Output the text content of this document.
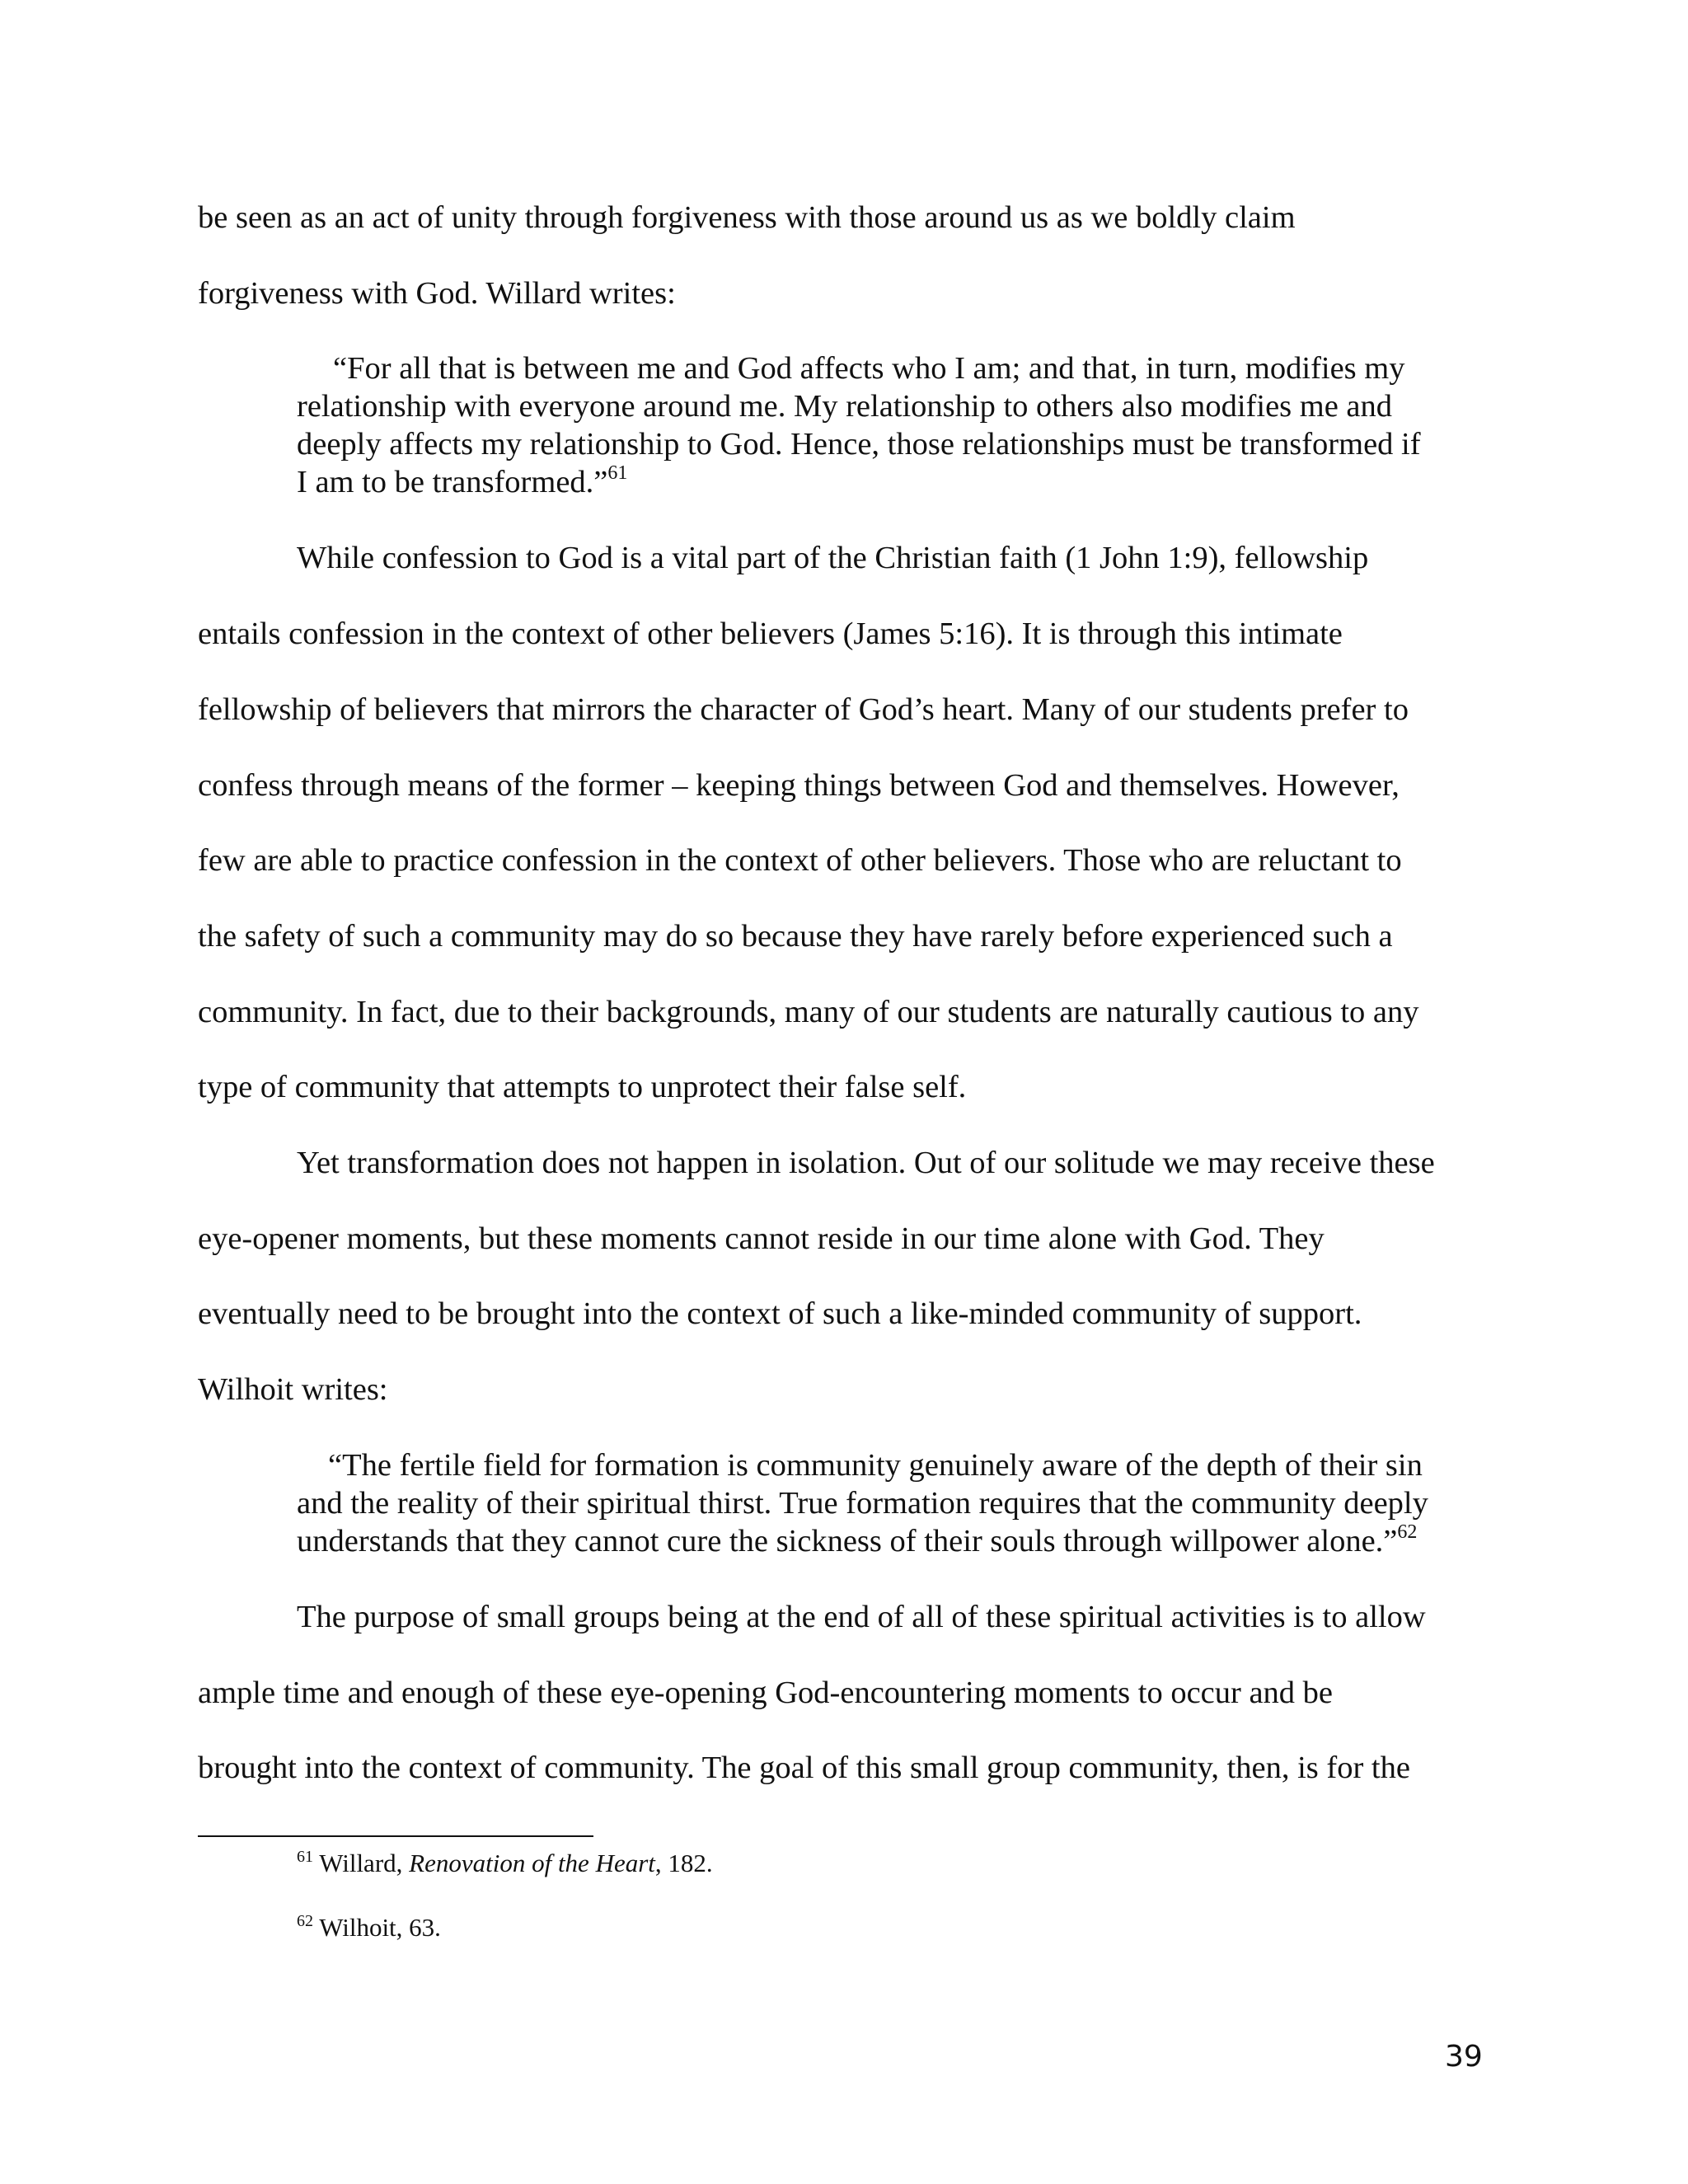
be seen as an act of unity through forgiveness with those around us as we boldly claim
forgiveness with God. Willard writes:
“For all that is between me and God affects who I am; and that, in turn, modifies my
relationship with everyone around me. My relationship to others also modifies me and
deeply affects my relationship to God. Hence, those relationships must be transformed if
I am to be transformed.”$^{61}$
While confession to God is a vital part of the Christian faith (1 John 1:9), fellowship
entails confession in the context of other believers (James 5:16). It is through this intimate
fellowship of believers that mirrors the character of God’s heart. Many of our students prefer to
confess through means of the former – keeping things between God and themselves. However,
few are able to practice confession in the context of other believers. Those who are reluctant to
the safety of such a community may do so because they have rarely before experienced such a
community. In fact, due to their backgrounds, many of our students are naturally cautious to any
type of community that attempts to unprotect their false self.
Yet transformation does not happen in isolation. Out of our solitude we may receive these
eye-opener moments, but these moments cannot reside in our time alone with God. They
eventually need to be brought into the context of such a like-minded community of support.
Wilhoit writes:
“The fertile field for formation is community genuinely aware of the depth of their sin
and the reality of their spiritual thirst. True formation requires that the community deeply
understands that they cannot cure the sickness of their souls through willpower alone.”$^{62}$
The purpose of small groups being at the end of all of these spiritual activities is to allow
ample time and enough of these eye-opening God-encountering moments to occur and be
brought into the context of community. The goal of this small group community, then, is for the
$^{61}$ Willard, Renovation of the Heart, 182.
$^{62}$ Wilhoit, 63.
39
